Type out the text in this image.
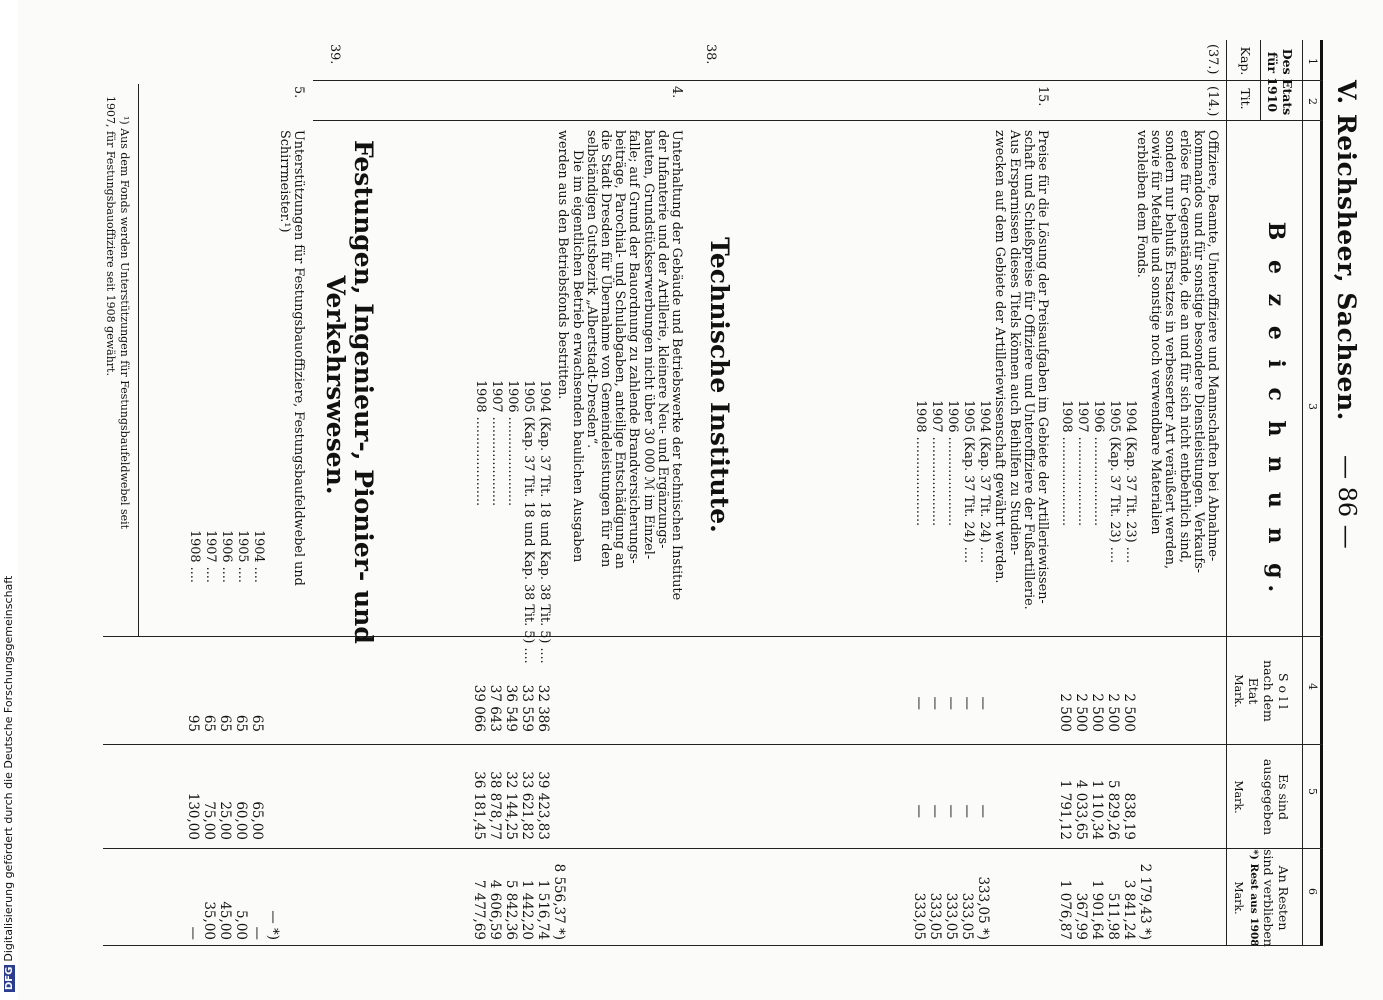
V. Reichsheer, Sachsen.
— 86 —
1
2
3
4
5
6
Des Etats
für 1910
Kap.
Tit.
B e z e i c h n u n g.
S o l l
nach dem
Etat
Mark.
Es sind
ausgegeben
Mark.
An Resten
sind verblieben
*) Rest aus 1908
Mark.
(37.)
(14.)
Offiziere, Beamte, Unteroffiziere und Mannschaften bei Abnahme-
kommandos und für sonstige besondere Dienstleistungen. Verkaufs-
erlöse für Gegenstände, die an und für sich nicht entbehrlich sind,
sondern nur behufs Ersatzes in verbesserter Art veräußert werden,
sowie für Metalle und sonstige noch verwendbare Materialien
verbleiben dem Fonds.
1904 (Kap. 37 Tit. 23) ....
1905 (Kap. 37 Tit. 23) ....
1906 ......................
1907 ......................
1908 ......................
2 500
2 500
2 500
2 500
2 500
838,19
5 829,26
1 110,34
4 033,65
1 791,12
2 179,43 *)
3 841,24
511,98
1 901,64
367,99
1 076,87
15.
Preise für die Lösung der Preisaufgaben im Gebiete der Artilleriewissen-
schaft und Schießpreise für Offiziere und Unteroffiziere der Fußartillerie.
Aus Ersparnissen dieses Titels können auch Beihilfen zu Studien-
zwecken auf dem Gebiete der Artilleriewissenschaft gewährt werden.
1904 (Kap. 37 Tit. 24) ....
1905 (Kap. 37 Tit. 24) ....
1906 ......................
1907 ......................
1908 ......................
—
—
—
—
—
—
—
—
—
—
333,05 *)
333,05
333,05
333,05
333,05
38.
Technische Institute.
4.
Unterhaltung der Gebäude und Betriebswerke der technischen Institute
der Infanterie und der Artillerie, kleinere Neu- und Ergänzungs-
bauten, Grundstückserwerbungen nicht über 30 000 ℳ im Einzel-
falle; auf Grund der Bauordnung zu zahlende Brandversicherungs-
beiträge, Parochial- und Schulabgaben, anteilige Entschädigung an
die Stadt Dresden für Übernahme von Gemeindeleistungen für den
selbständigen Gutsbezirk „Albertstadt-Dresden“.
Die im eigentlichen Betrieb erwachsenden baulichen Ausgaben
werden aus den Betriebsfonds bestritten.
1904 (Kap. 37 Tit. 18 und Kap. 38 Tit. 5) ....
1905 (Kap. 37 Tit. 18 und Kap. 38 Tit. 5) ....
1906 ......................
1907 ......................
1908 ......................
32 386
33 559
36 549
37 643
39 066
39 423,83
33 621,82
32 144,25
38 878,77
36 181,45
8 556,37 *)
1 516,74
1 442,20
5 842,36
4 606,59
7 477,69
39.
Festungen, Ingenieur-, Pionier- und
Verkehrswesen.
5.
Unterstützungen für Festungsbauoffiziere, Festungsbaufeldwebel und
Schirrmeister.¹)
1904 ....
1905 ....
1906 ....
1907 ....
1908 ....
65
65
65
65
95
65,00
60,00
25,00
75,00
130,00
— *)
—
5,00
45,00
35,00
—
¹) Aus dem Fonds werden Unterstützungen für Festungsbaufeldwebel seit
1907, für Festungsbauoffiziere seit 1908 gewährt.
DFGDigitalisierung gefördert durch die Deutsche Forschungsgemeinschaft
